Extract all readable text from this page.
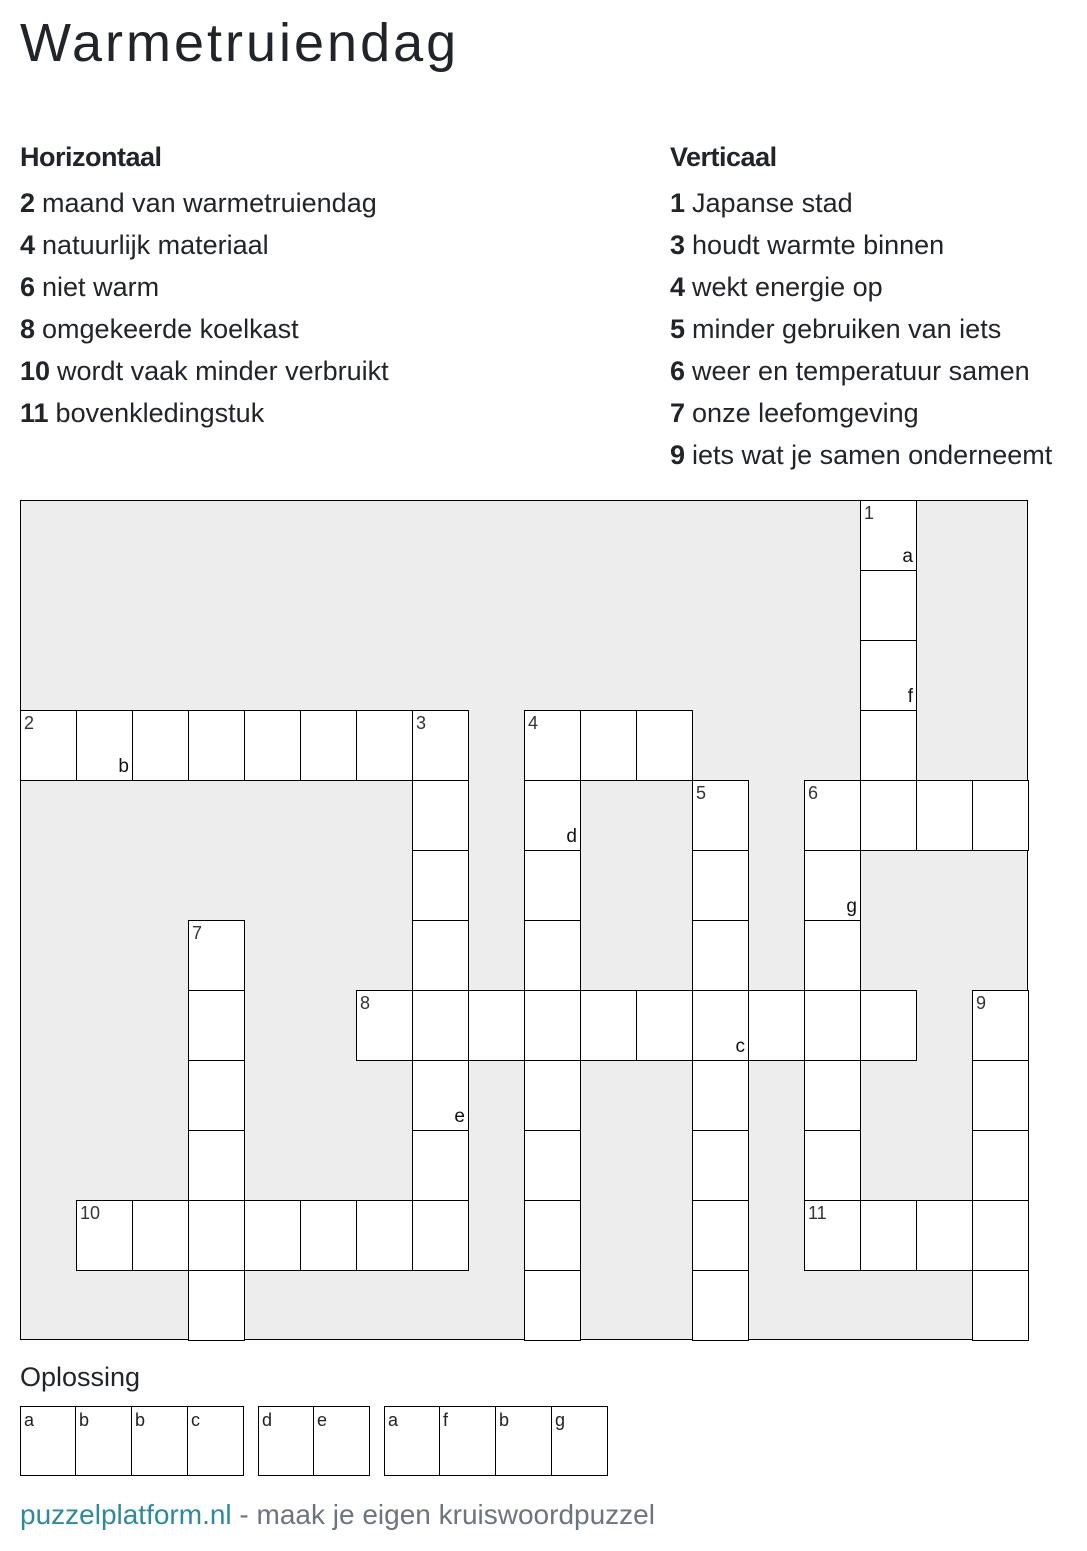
Warmetruiendag
Horizontaal
2 maand van warmetruiendag
4 natuurlijk materiaal
6 niet warm
8 omgekeerde koelkast
10 wordt vaak minder verbruikt
11 bovenkledingstuk
Verticaal
1 Japanse stad
3 houdt warmte binnen
4 wekt energie op
5 minder gebruiken van iets
6 weer en temperatuur samen
7 onze leefomgeving
9 iets wat je samen onderneemt
1
a
f
2
b
3	4
d
5	6
g
7
8
c
9
e
10	11
Oplossing
a b	b	c	d e	a f	b	g
puzzelplatform.nl - maak je eigen kruiswoordpuzzel
